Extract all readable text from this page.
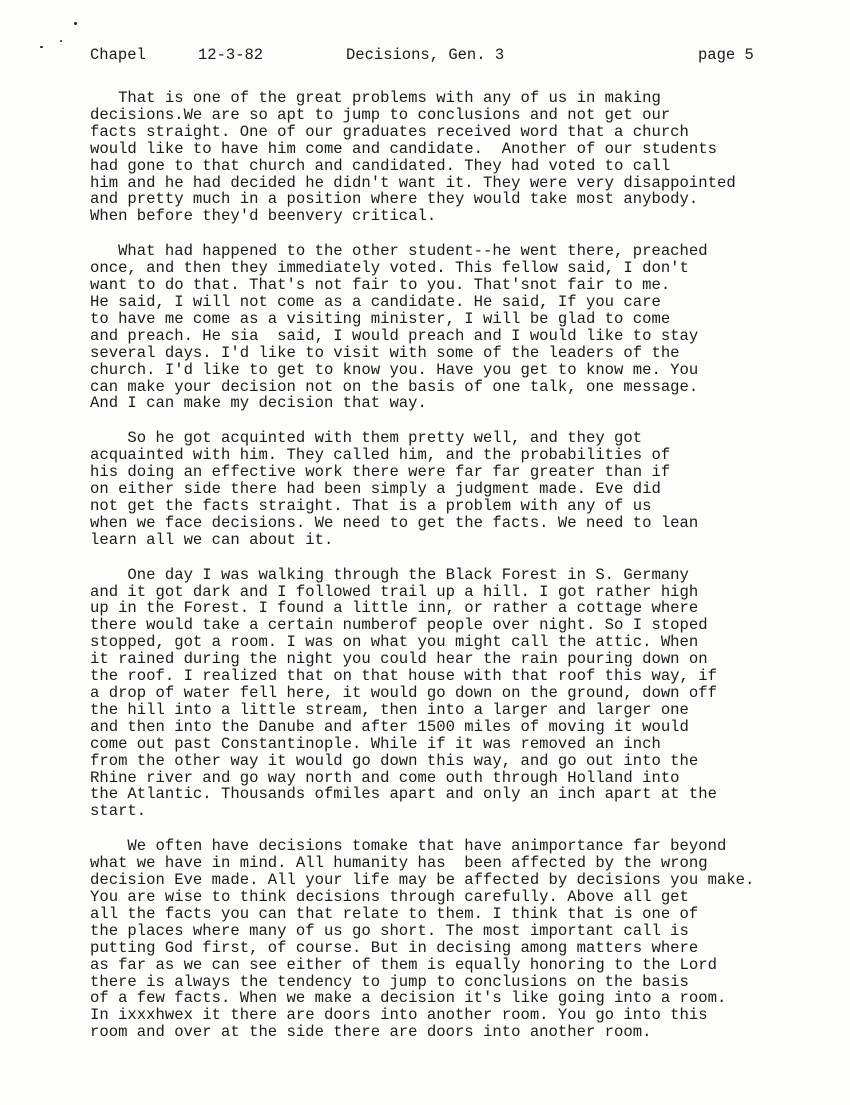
Chapel	12-3-82	Decisions, Gen. 3	page 5
That is one of the great problems with any of us in making
decisions.We are so apt to jump to conclusions and not get our
facts straight. One of our graduates received word that a church
would like to have him come and candidate.  Another of our students
had gone to that church and candidated. They had voted to call
him and he had decided he didn't want it. They were very disappointed
and pretty much in a position where they would take most anybody.
When before they'd beenvery critical.
What had happened to the other student--he went there, preached
once, and then they immediately voted. This fellow said, I don't
want to do that. That's not fair to you. That'snot fair to me.
He said, I will not come as a candidate. He said, If you care
to have me come as a visiting minister, I will be glad to come
and preach. He sia  said, I would preach and I would like to stay
several days. I'd like to visit with some of the leaders of the
church. I'd like to get to know you. Have you get to know me. You
can make your decision not on the basis of one talk, one message.
And I can make my decision that way.
So he got acquinted with them pretty well, and they got
acquainted with him. They called him, and the probabilities of
his doing an effective work there were far far greater than if
on either side there had been simply a judgment made. Eve did
not get the facts straight. That is a problem with any of us
when we face decisions. We need to get the facts. We need to lean
learn all we can about it.
One day I was walking through the Black Forest in S. Germany
and it got dark and I followed trail up a hill. I got rather high
up in the Forest. I found a little inn, or rather a cottage where
there would take a certain numberof people over night. So I stoped
stopped, got a room. I was on what you might call the attic. When
it rained during the night you could hear the rain pouring down on
the roof. I realized that on that house with that roof this way, if
a drop of water fell here, it would go down on the ground, down off
the hill into a little stream, then into a larger and larger one
and then into the Danube and after 1500 miles of moving it would
come out past Constantinople. While if it was removed an inch
from the other way it would go down this way, and go out into the
Rhine river and go way north and come outh through Holland into
the Atlantic. Thousands ofmiles apart and only an inch apart at the
start.
We often have decisions tomake that have animportance far beyond
what we have in mind. All humanity has  been affected by the wrong
decision Eve made. All your life may be affected by decisions you make.
You are wise to think decisions through carefully. Above all get
all the facts you can that relate to them. I think that is one of
the places where many of us go short. The most important call is
putting God first, of course. But in decising among matters where
as far as we can see either of them is equally honoring to the Lord
there is always the tendency to jump to conclusions on the basis
of a few facts. When we make a decision it's like going into a room.
In ixxxhwex it there are doors into another room. You go into this
room and over at the side there are doors into another room.
